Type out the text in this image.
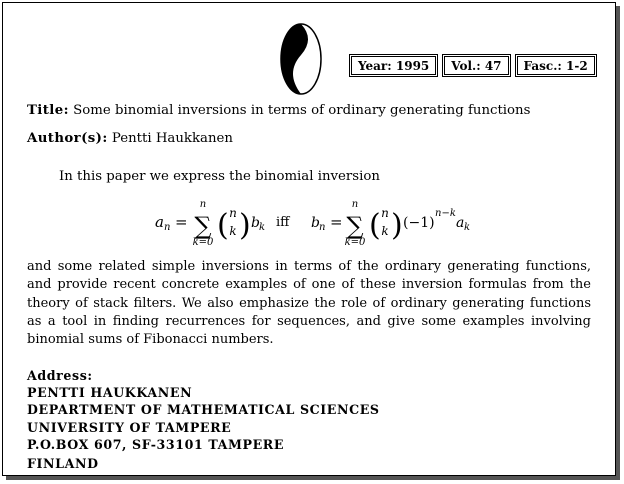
Year: 1995	Vol.: 47	Fasc.: 1-2
Title: Some binomial inversions in terms of ordinary generating functions
Author(s): Pentti Haukkanen
In this paper we express the binomial inversion
a n =
n
∑
k=0 ( n
k ) b k iff b n =
n
∑
k=0 ( n
k ) (−1)
n−k
a k

and some related simple inversions in terms of the ordinary generating functions, and provide recent concrete examples of one of these inversion formulas from the theory of stack filters. We also emphasize the role of ordinary generating functions as a tool in finding recurrences for sequences, and give some examples involving binomial sums of Fibonacci numbers.

Address:
PENTTI HAUKKANEN
DEPARTMENT OF MATHEMATICAL SCIENCES
UNIVERSITY OF TAMPERE
P.O.BOX 607, SF-33101 TAMPERE
FINLAND
